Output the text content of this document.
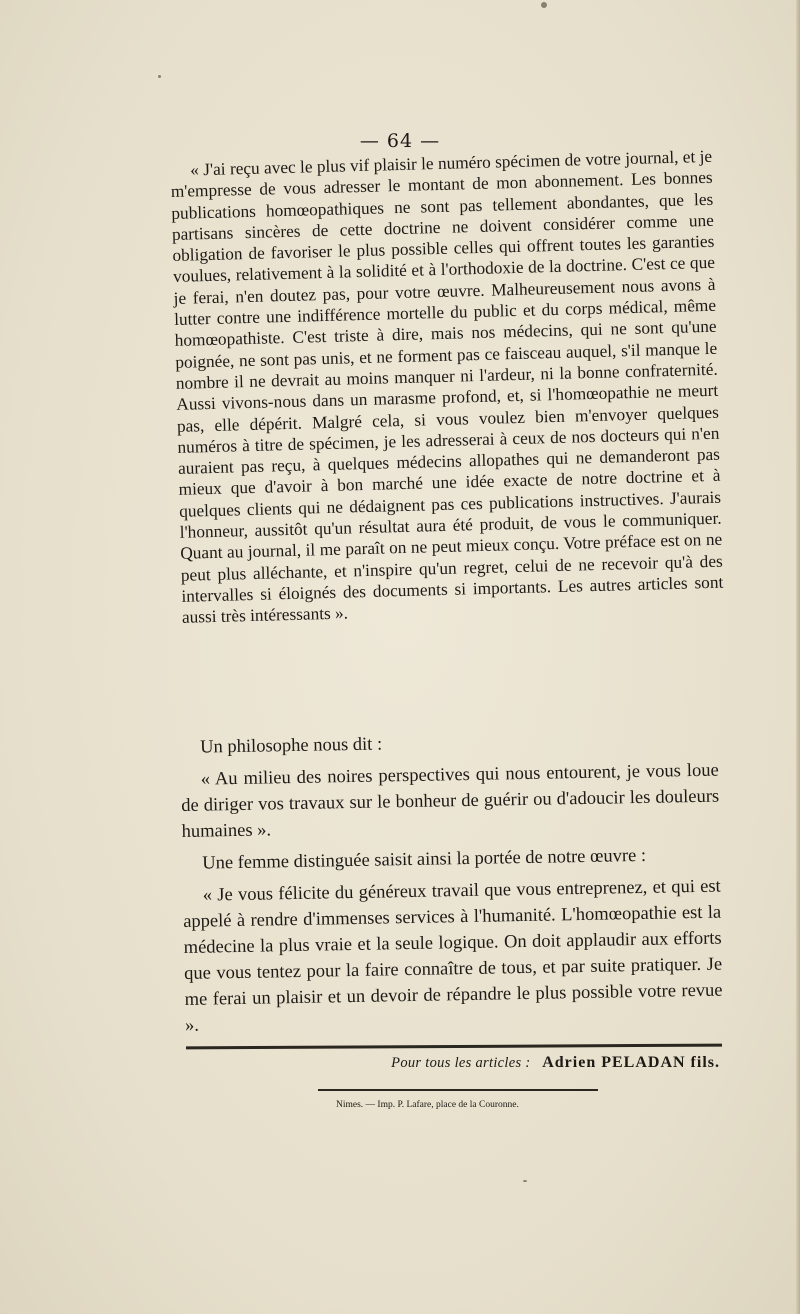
— 64 —

« J'ai reçu avec le plus vif plaisir le numéro spécimen de votre journal, et je m'empresse de vous adresser le montant de mon abonnement. Les bonnes publications homœopathiques ne sont pas tellement abondantes, que les partisans sincères de cette doctrine ne doivent considérer comme une obligation de favoriser le plus possible celles qui offrent toutes les garanties voulues, relativement à la solidité et à l'orthodoxie de la doctrine. C'est ce que je ferai, n'en doutez pas, pour votre œuvre. Malheureusement nous avons à lutter contre une indifférence mortelle du public et du corps médical, même homœopathiste. C'est triste à dire, mais nos médecins, qui ne sont qu'une poignée, ne sont pas unis, et ne forment pas ce faisceau auquel, s'il manque le nombre il ne devrait au moins manquer ni l'ardeur, ni la bonne confraternité. Aussi vivons-nous dans un marasme profond, et, si l'homœopathie ne meurt pas, elle dépérit. Malgré cela, si vous voulez bien m'envoyer quelques numéros à titre de spécimen, je les adresserai à ceux de nos docteurs qui n'en auraient pas reçu, à quelques médecins allopathes qui ne demanderont pas mieux que d'avoir à bon marché une idée exacte de notre doctrine et à quelques clients qui ne dédaignent pas ces publications instructives. J'aurais l'honneur, aussitôt qu'un résultat aura été produit, de vous le communiquer. Quant au journal, il me paraît on ne peut mieux conçu. Votre préface est on ne peut plus alléchante, et n'inspire qu'un regret, celui de ne recevoir qu'à des intervalles si éloignés des documents si importants. Les autres articles sont aussi très intéressants ».

Un philosophe nous dit :

« Au milieu des noires perspectives qui nous entourent, je vous loue de diriger vos travaux sur le bonheur de guérir ou d'adoucir les douleurs humaines ».

Une femme distinguée saisit ainsi la portée de notre œuvre :

« Je vous félicite du généreux travail que vous entreprenez, et qui est appelé à rendre d'immenses services à l'humanité. L'homœopathie est la médecine la plus vraie et la seule logique. On doit applaudir aux efforts que vous tentez pour la faire connaître de tous, et par suite pratiquer. Je me ferai un plaisir et un devoir de répandre le plus possible votre revue ».

Pour tous les articles : Adrien PELADAN fils.
Nimes. — Imp. P. Lafare, place de la Couronne.
